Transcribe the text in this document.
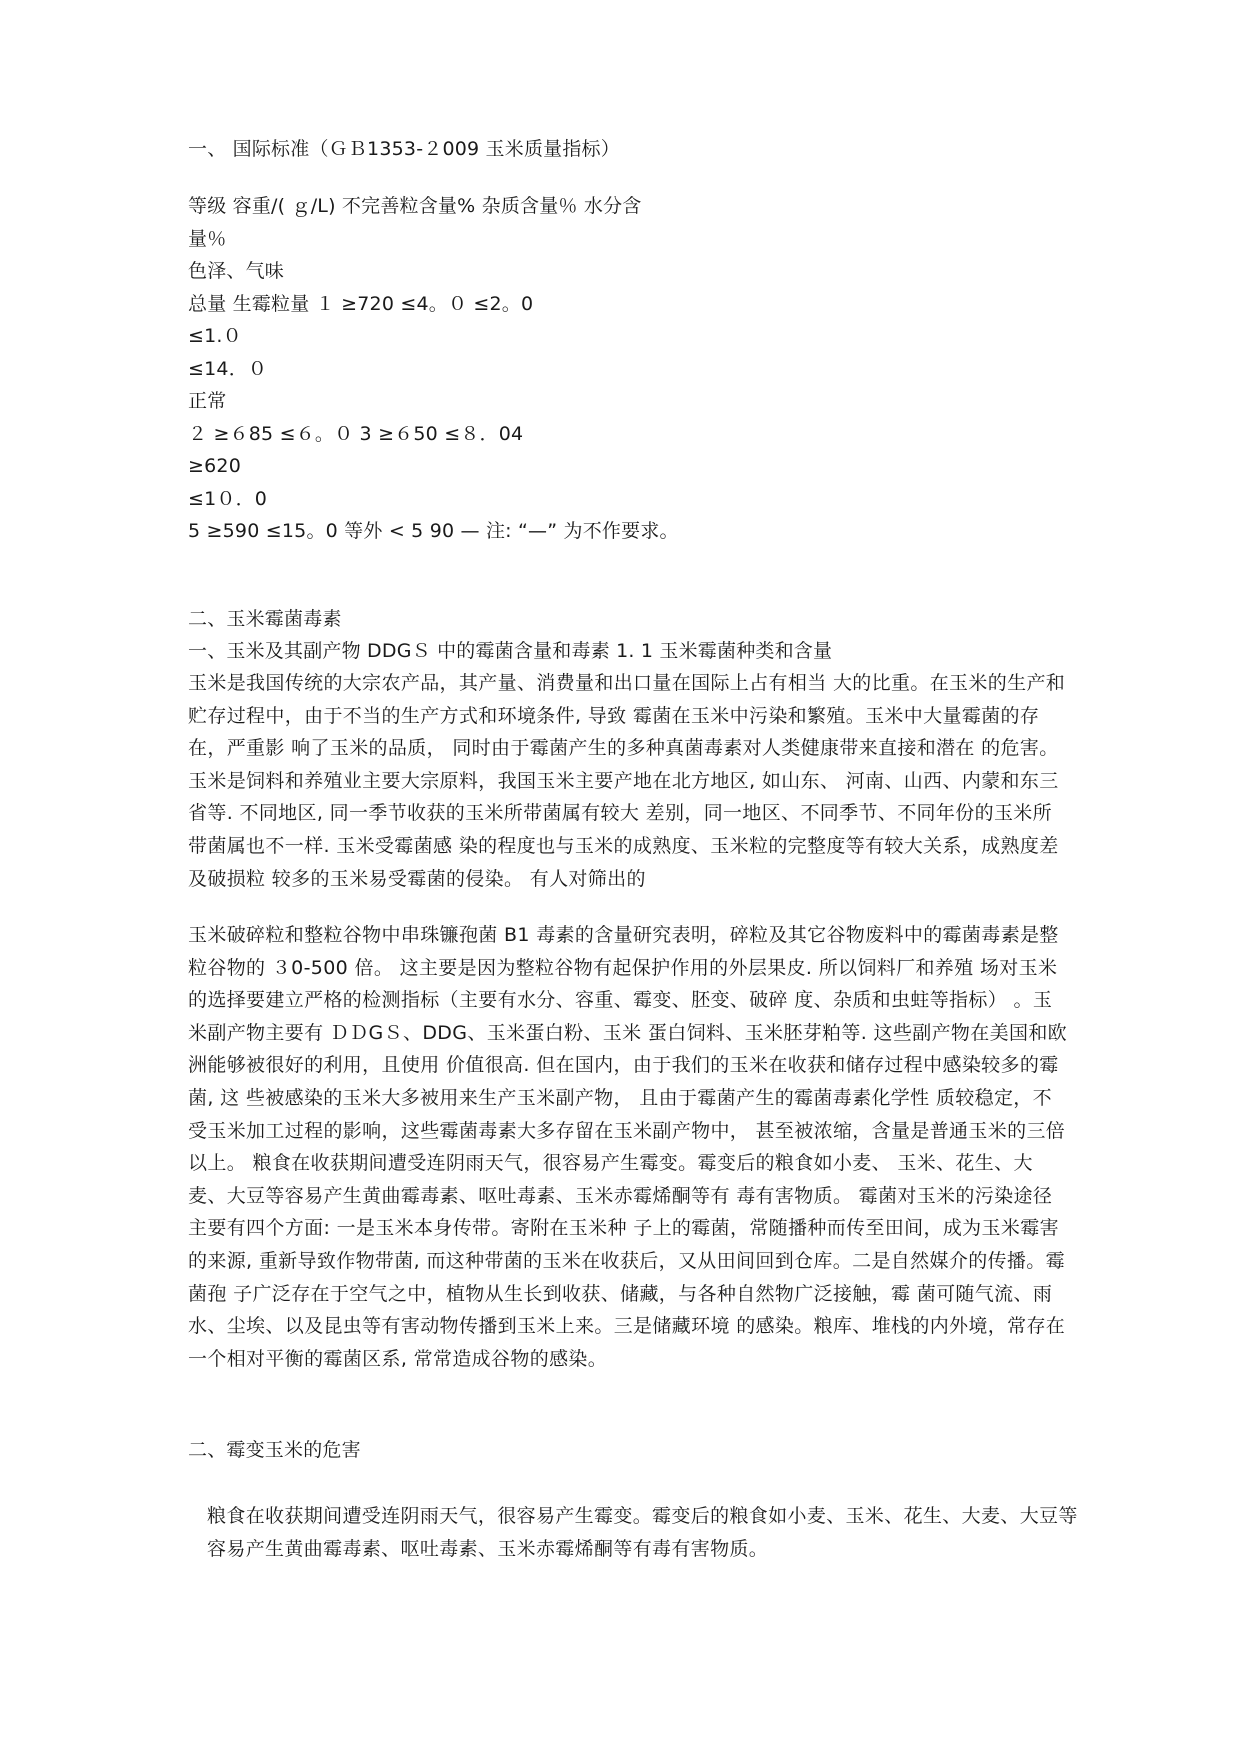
一、 国际标准（ＧＢ1353-２009 玉米质量指标）
等级 容重/( ｇ/L) 不完善粒含量% 杂质含量％ 水分含
量％
色泽、气味
总量 生霉粒量 １ ≥720 ≤4。０ ≤2。0
≤1.０
≤14．０
正常
２ ≥６85 ≤６。０ 3 ≥６50 ≤８．04
≥620
≤1０．0
5 ≥590 ≤15。0 等外 < 5 90 — 注: “—” 为不作要求。
二、玉米霉菌毒素
一、玉米及其副产物 DDGＳ 中的霉菌含量和毒素 1. 1 玉米霉菌种类和含量

玉米是我国传统的大宗农产品，其产量、消费量和出口量在国际上占有相当 大的比重。在玉米的生产和贮存过程中，由于不当的生产方式和环境条件, 导致 霉菌在玉米中污染和繁殖。玉米中大量霉菌的存在，严重影 响了玉米的品质， 同时由于霉菌产生的多种真菌毒素对人类健康带来直接和潜在 的危害。 玉米是饲料和养殖业主要大宗原料，我国玉米主要产地在北方地区, 如山东、 河南、山西、内蒙和东三省等. 不同地区, 同一季节收获的玉米所带菌属有较大 差别，同一地区、不同季节、不同年份的玉米所带菌属也不一样. 玉米受霉菌感 染的程度也与玉米的成熟度、玉米粒的完整度等有较大关系，成熟度差及破损粒 较多的玉米易受霉菌的侵染。 有人对筛出的

玉米破碎粒和整粒谷物中串珠镰孢菌 B1 毒素的含量研究表明，碎粒及其它谷物废料中的霉菌毒素是整粒谷物的 ３0-500 倍。 这主要是因为整粒谷物有起保护作用的外层果皮. 所以饲料厂和养殖 场对玉米的选择要建立严格的检测指标（主要有水分、容重、霉变、胚变、破碎 度、杂质和虫蛀等指标） 。玉米副产物主要有 ＤＤGＳ、DDG、玉米蛋白粉、玉米 蛋白饲料、玉米胚芽粕等. 这些副产物在美国和欧洲能够被很好的利用，且使用 价值很高. 但在国内，由于我们的玉米在收获和储存过程中感染较多的霉菌, 这 些被感染的玉米大多被用来生产玉米副产物， 且由于霉菌产生的霉菌毒素化学性 质较稳定，不受玉米加工过程的影响，这些霉菌毒素大多存留在玉米副产物中， 甚至被浓缩，含量是普通玉米的三倍以上。 粮食在收获期间遭受连阴雨天气，很容易产生霉变。霉变后的粮食如小麦、 玉米、花生、大麦、大豆等容易产生黄曲霉毒素、呕吐毒素、玉米赤霉烯酮等有 毒有害物质。 霉菌对玉米的污染途径主要有四个方面: 一是玉米本身传带。寄附在玉米种 子上的霉菌，常随播种而传至田间，成为玉米霉害的来源, 重新导致作物带菌, 而这种带菌的玉米在收获后，又从田间回到仓库。二是自然媒介的传播。霉菌孢 子广泛存在于空气之中，植物从生长到收获、储藏，与各种自然物广泛接触，霉 菌可随气流、雨水、尘埃、以及昆虫等有害动物传播到玉米上来。三是储藏环境 的感染。粮库、堆栈的内外境，常存在一个相对平衡的霉菌区系, 常常造成谷物的感染。

二、霉变玉米的危害

粮食在收获期间遭受连阴雨天气，很容易产生霉变。霉变后的粮食如小麦、玉米、花生、大麦、大豆等容易产生黄曲霉毒素、呕吐毒素、玉米赤霉烯酮等有毒有害物质。
